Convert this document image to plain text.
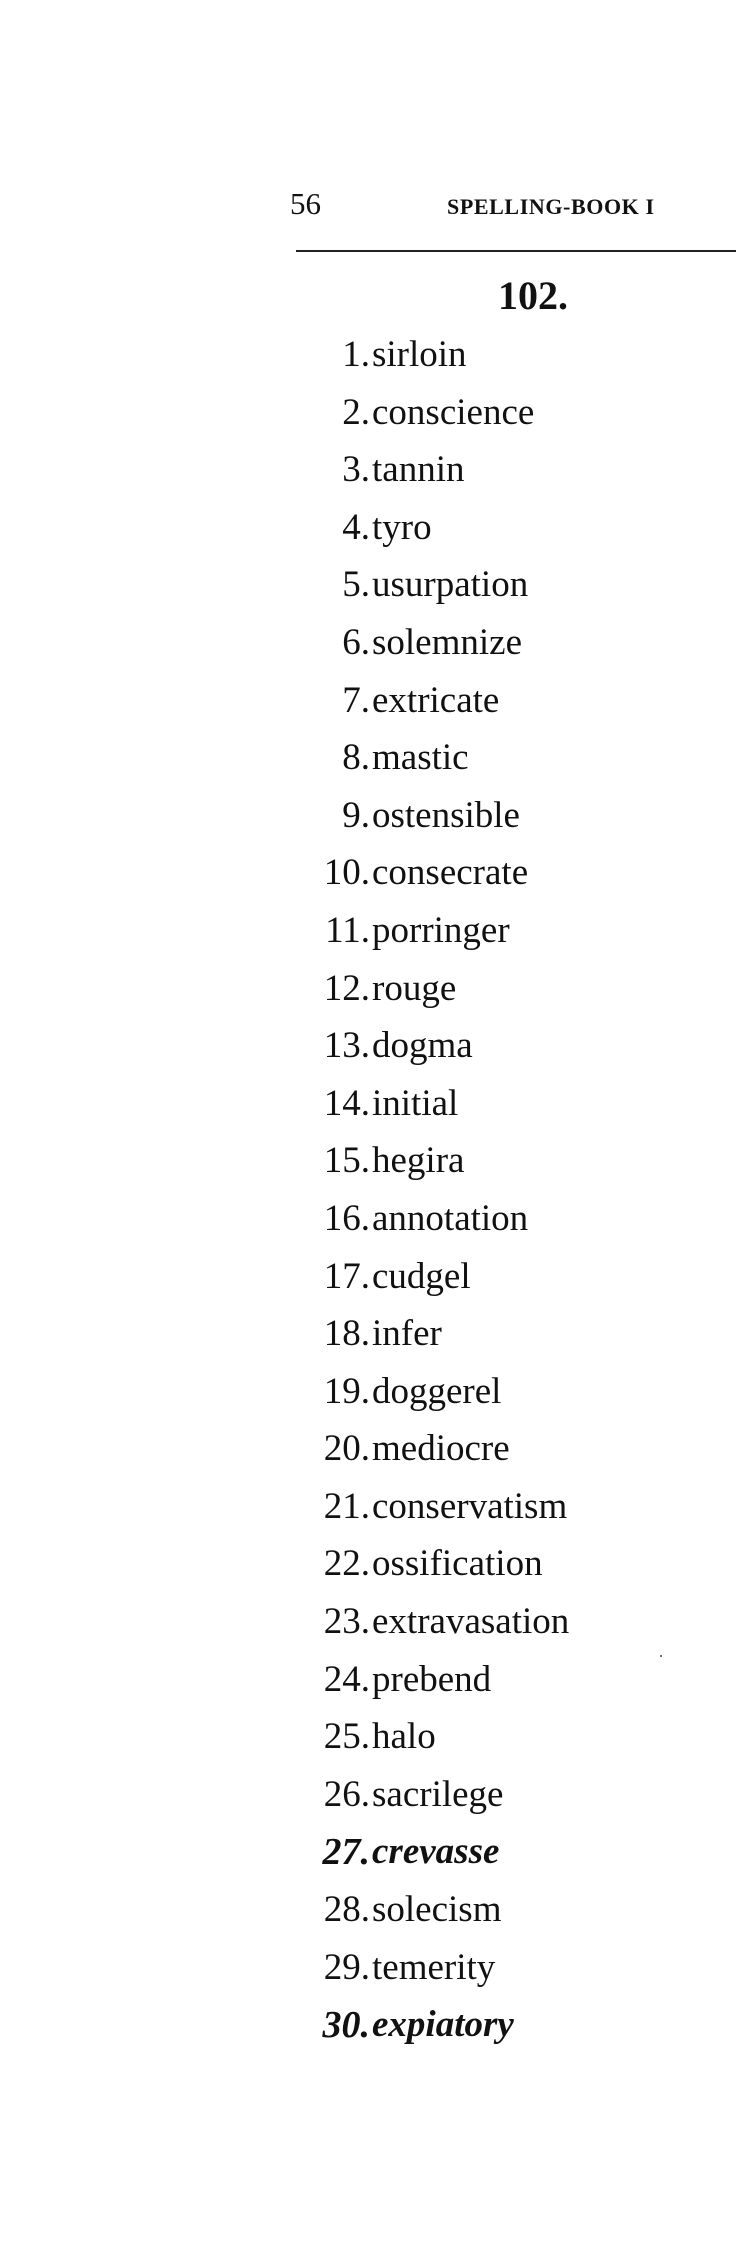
56	SPELLING-BOOK I
102.
1. sirloin
2. conscience
3. tannin
4. tyro
5. usurpation
6. solemnize
7. extricate
8. mastic
9. ostensible
10. consecrate
11. porringer
12. rouge
13. dogma
14. initial
15. hegira
16. annotation
17. cudgel
18. infer
19. doggerel
20. mediocre
21. conservatism
22. ossification
23. extravasation
24. prebend
25. halo
26. sacrilege
27. crevasse
28. solecism
29. temerity
30. expiatory
